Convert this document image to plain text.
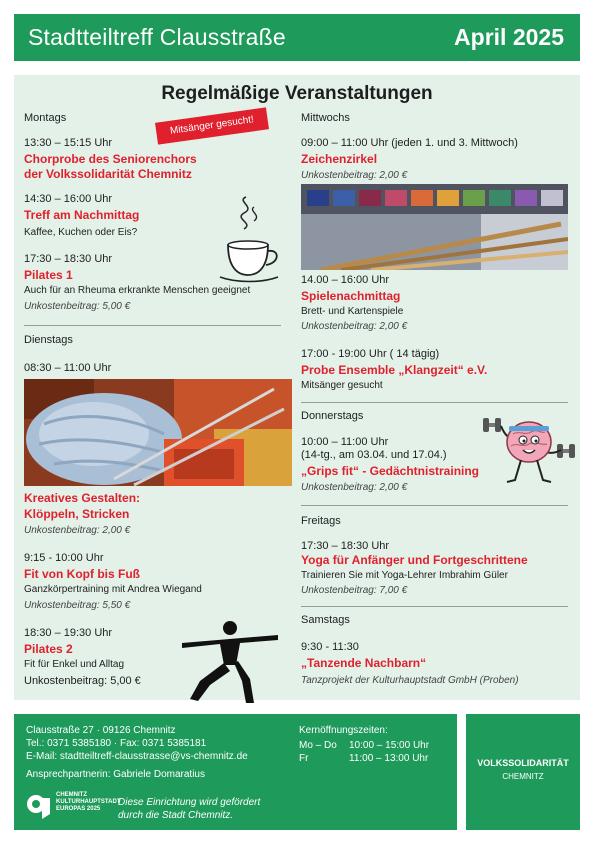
Stadtteiltreff Clausstraße	April 2025
Regelmäßige Veranstaltungen
Montags	Mitsänger gesucht!
13:30 – 15:15 Uhr
Chorprobe des Seniorenchors
der Volkssolidarität Chemnitz
14:30 – 16:00 Uhr
Treff am Nachmittag
Kaffee, Kuchen oder Eis?
17:30 – 18:30 Uhr
Pilates 1
Auch für an Rheuma erkrankte Menschen geeignet
Unkostenbeitrag: 5,00 €
Dienstags
08:30 – 11:00 Uhr
Kreatives Gestalten:
Klöppeln, Stricken
Unkostenbeitrag: 2,00 €
9:15 - 10:00 Uhr
Fit von Kopf bis Fuß
Ganzkörpertraining mit Andrea Wiegand
Unkostenbeitrag: 5,50 €
18:30 – 19:30 Uhr
Pilates 2
Fit für Enkel und Alltag
Unkostenbeitrag: 5,00 €
Mittwochs
09:00 – 11:00 Uhr (jeden 1. und 3. Mittwoch)
Zeichenzirkel
Unkostenbeitrag: 2,00 €
14.00 – 16:00 Uhr
Spielenachmittag
Brett- und Kartenspiele
Unkostenbeitrag: 2,00 €
17:00 - 19:00 Uhr ( 14 tägig)
Probe Ensemble „Klangzeit“ e.V.
Mitsänger gesucht
Donnerstags
10:00 – 11:00 Uhr
(14-tg., am 03.04. und 17.04.)
„Grips fit“ - Gedächtnistraining
Unkostenbeitrag: 2,00 €
Freitags
17:30 – 18:30 Uhr
Yoga für Anfänger und Fortgeschrittene
Trainieren Sie mit Yoga-Lehrer Imbrahim Güler
Unkostenbeitrag: 7,00 €
Samstags
9:30 - 11:30
„Tanzende Nachbarn“
Tanzprojekt der Kulturhauptstadt GmbH (Proben)
Clausstraße 27 · 09126 Chemnitz
Tel.: 0371 5385180 · Fax: 0371 5385181
E-Mail: stadtteiltreff-clausstrasse@vs-chemnitz.de
Ansprechpartnerin: Gabriele Domaratius
Kernöffnungszeiten:
Mo – Do 10:00 – 15:00 Uhr
Fr	11:00 – 13:00 Uhr
CHEMNITZ KULTURHAUPTSTADT EUROPAS 2025
Diese Einrichtung wird gefördert
durch die Stadt Chemnitz.
VOLKSSOLIDARITÄT
CHEMNITZ
